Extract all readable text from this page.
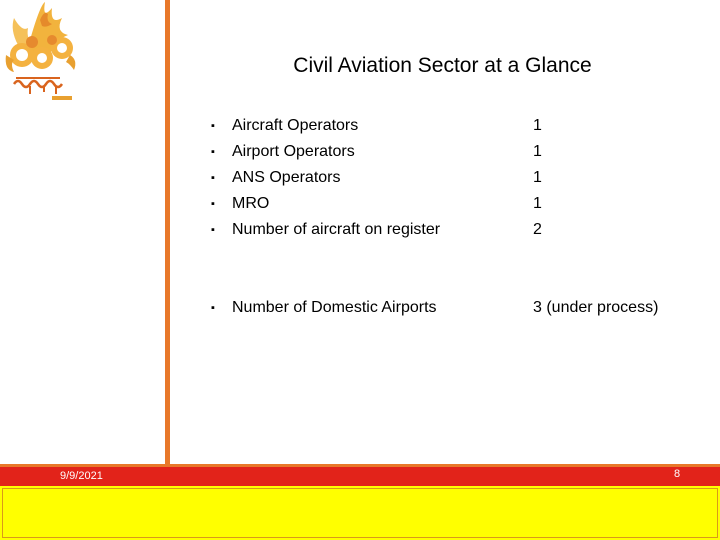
Civil Aviation Sector at a Glance
▪ Aircraft Operators	1
▪ Airport Operators	1
▪ ANS Operators	1
▪ MRO	1
▪ Number of aircraft on register	2
▪ Number of Domestic Airports	3 (under process)
9/9/2021	8
